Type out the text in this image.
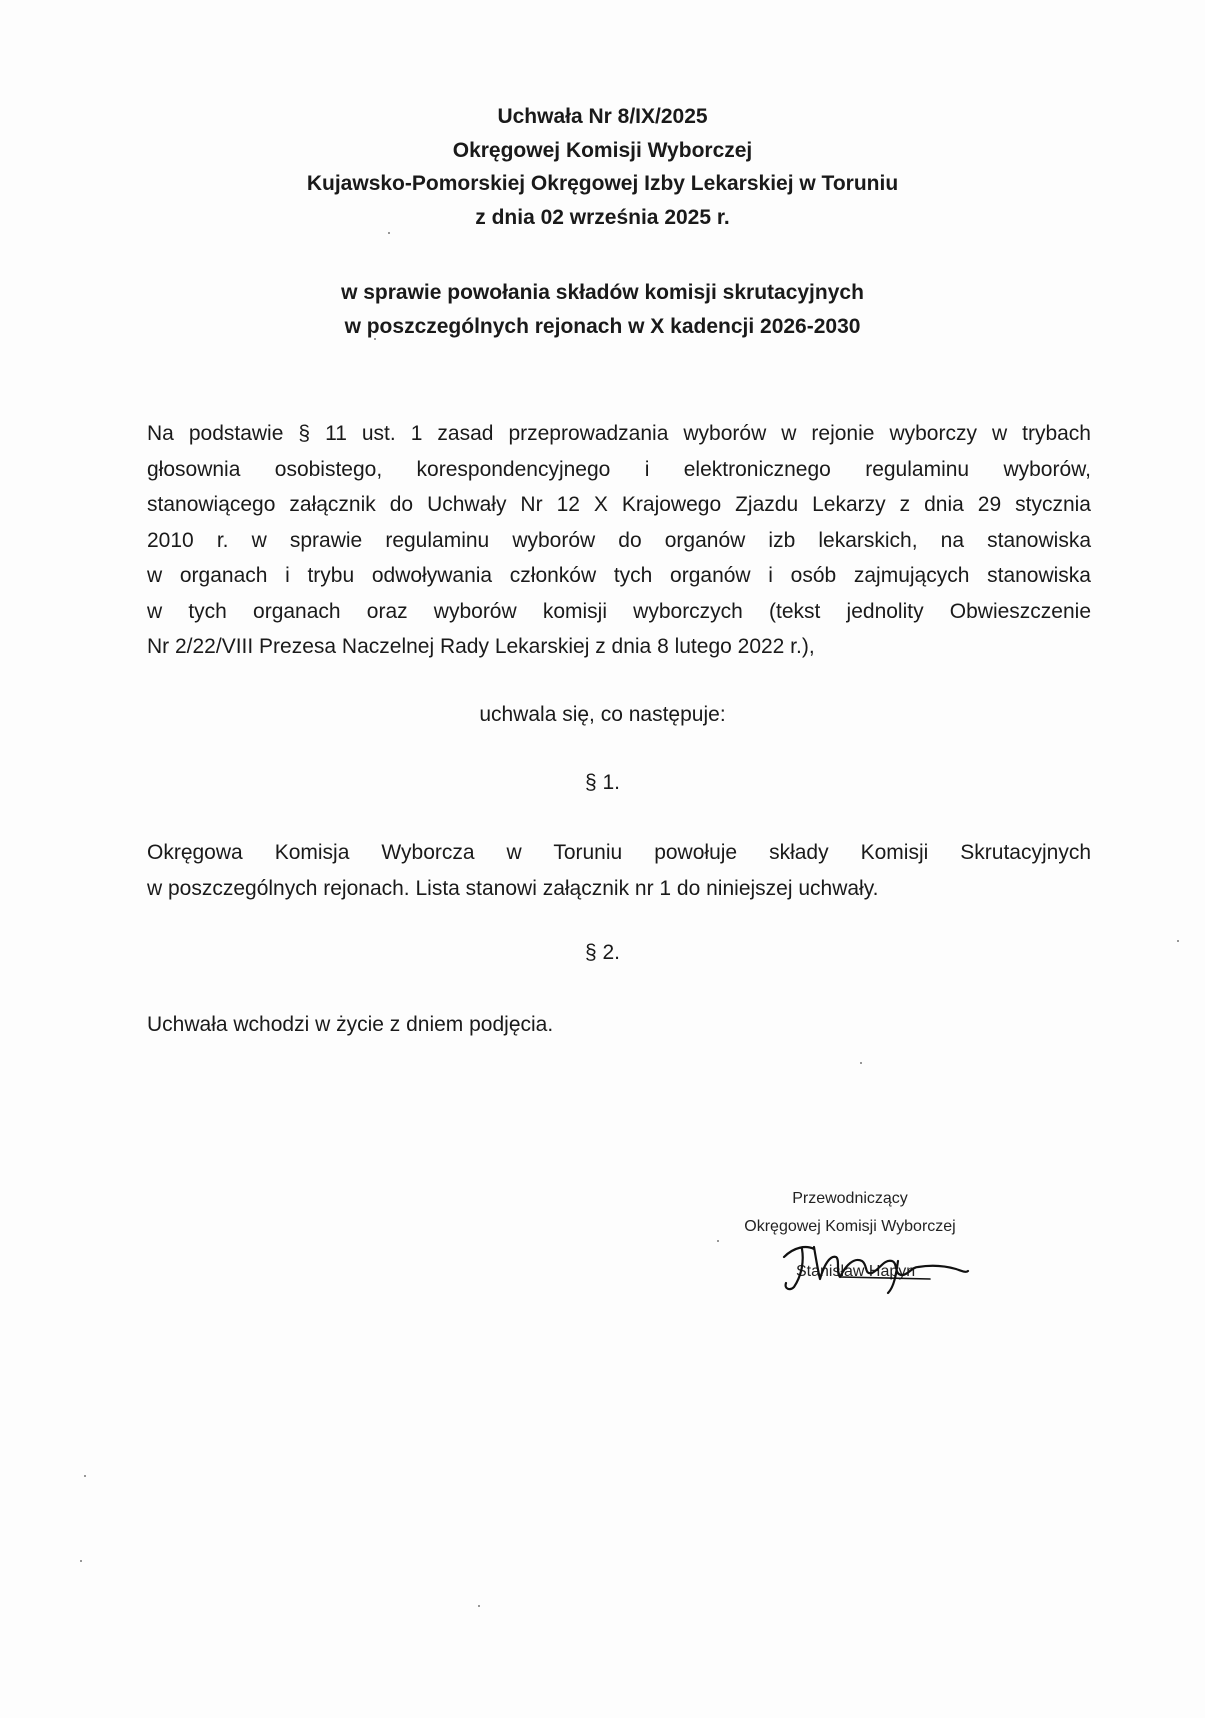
Uchwała Nr 8/IX/2025
Okręgowej Komisji Wyborczej
Kujawsko-Pomorskiej Okręgowej Izby Lekarskiej w Toruniu
z dnia 02 września 2025 r.
w sprawie powołania składów komisji skrutacyjnych
w poszczególnych rejonach w X kadencji 2026-2030
Na podstawie § 11 ust. 1 zasad przeprowadzania wyborów w rejonie wyborczy w trybach
głosownia osobistego, korespondencyjnego i elektronicznego regulaminu wyborów,
stanowiącego załącznik do Uchwały Nr 12 X Krajowego Zjazdu Lekarzy z dnia 29 stycznia
2010 r. w sprawie regulaminu wyborów do organów izb lekarskich, na stanowiska
w organach i trybu odwoływania członków tych organów i osób zajmujących stanowiska
w tych organach oraz wyborów komisji wyborczych (tekst jednolity Obwieszczenie
Nr 2/22/VIII Prezesa Naczelnej Rady Lekarskiej z dnia 8 lutego 2022 r.),
uchwala się, co następuje:
§ 1.
Okręgowa Komisja Wyborcza w Toruniu powołuje składy Komisji Skrutacyjnych
w poszczególnych rejonach. Lista stanowi załącznik nr 1 do niniejszej uchwały.
§ 2.
Uchwała wchodzi w życie z dniem podjęcia.
Przewodniczący
Okręgowej Komisji Wyborczej
Stanisław Hapyn
